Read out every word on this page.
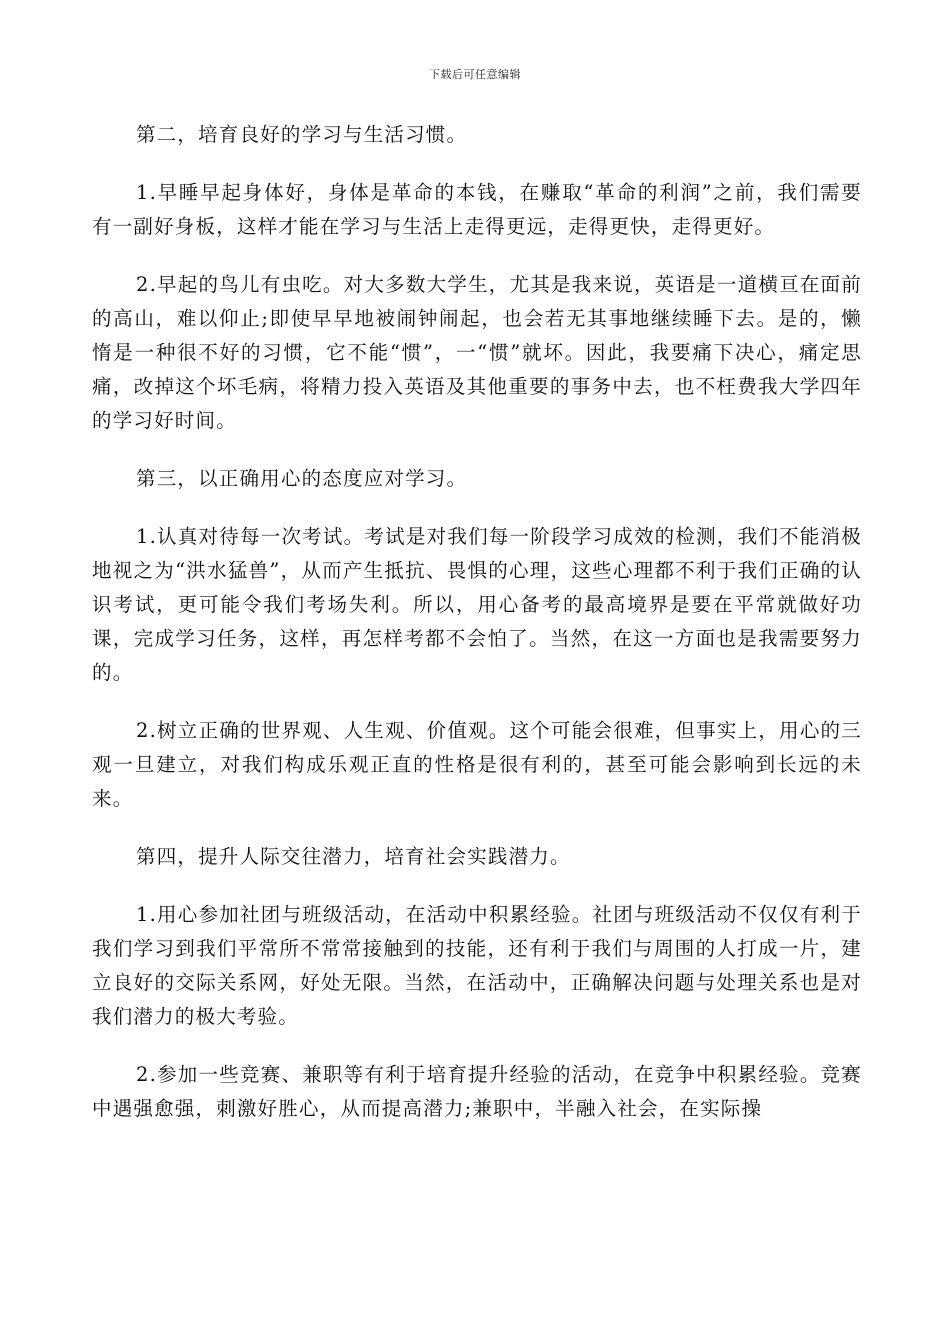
下载后可任意编辑

第二，培育良好的学习与生活习惯。

1.早睡早起身体好，身体是革命的本钱，在赚取“革命的利润”之前，我们需要有一副好身板，这样才能在学习与生活上走得更远，走得更快，走得更好。

2.早起的鸟儿有虫吃。对大多数大学生，尤其是我来说，英语是一道横亘在面前的高山，难以仰止;即使早早地被闹钟闹起，也会若无其事地继续睡下去。是的，懒惰是一种很不好的习惯，它不能“惯”，一“惯”就坏。因此，我要痛下决心，痛定思痛，改掉这个坏毛病，将精力投入英语及其他重要的事务中去，也不枉费我大学四年的学习好时间。

第三，以正确用心的态度应对学习。

1.认真对待每一次考试。考试是对我们每一阶段学习成效的检测，我们不能消极地视之为“洪水猛兽”，从而产生抵抗、畏惧的心理，这些心理都不利于我们正确的认识考试，更可能令我们考场失利。所以，用心备考的最高境界是要在平常就做好功课，完成学习任务，这样，再怎样考都不会怕了。当然，在这一方面也是我需要努力的。

2.树立正确的世界观、人生观、价值观。这个可能会很难，但事实上，用心的三观一旦建立，对我们构成乐观正直的性格是很有利的，甚至可能会影响到长远的未来。

第四，提升人际交往潜力，培育社会实践潜力。

1.用心参加社团与班级活动，在活动中积累经验。社团与班级活动不仅仅有利于我们学习到我们平常所不常常接触到的技能，还有利于我们与周围的人打成一片，建立良好的交际关系网，好处无限。当然，在活动中，正确解决问题与处理关系也是对我们潜力的极大考验。

2.参加一些竞赛、兼职等有利于培育提升经验的活动，在竞争中积累经验。竞赛中遇强愈强，刺激好胜心，从而提高潜力;兼职中，半融入社会，在实际操
